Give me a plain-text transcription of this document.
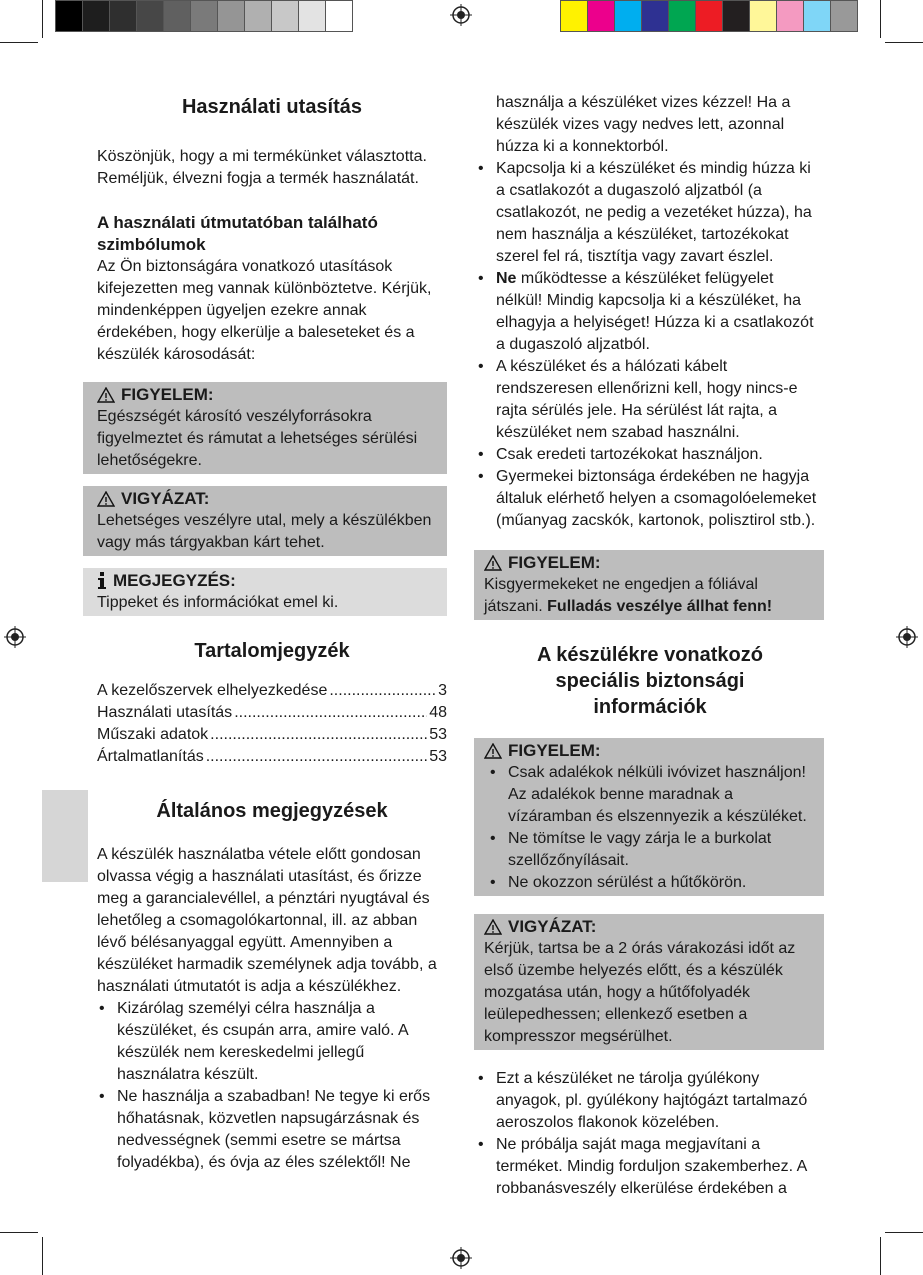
Használati utasítás

Köszönjük, hogy a mi termékünket választotta.

Reméljük, élvezni fogja a termék használatát.

A használati útmutatóban található szimbólumok

Az Ön biztonságára vonatkozó utasítások kifejezetten meg vannak különböztetve. Kérjük, mindenképpen ügyeljen ezekre annak érdekében, hogy elkerülje a baleseteket és a készülék károsodását:

FIGYELEM:

Egészségét károsító veszélyforrásokra figyelmeztet és rámutat a lehetséges sérülési lehetőségekre.

VIGYÁZAT:

Lehetséges veszélyre utal, mely a készülékben vagy más tárgyakban kárt tehet.

MEGJEGYZÉS:

Tippeket és információkat emel ki.

Tartalomjegyzék
A kezelőszervek elhelyezkedése .....	3
Használati utasítás .....	48
Műszaki adatok .....	53
Ártalmatlanítás .....	53
Általános megjegyzések

A készülék használatba vétele előtt gondosan olvassa végig a használati utasítást, és őrizze meg a garancialevéllel, a pénztári nyugtával és lehetőleg a csomagolókartonnal, ill. az abban lévő bélésanyaggal együtt. Amennyiben a készüléket harmadik személynek adja tovább, a használati útmutatót is adja a készülékhez.

• Kizárólag személyi célra használja a készüléket, és csupán arra, amire való. A készülék nem kereskedelmi jellegű használatra készült.
• Ne használja a szabadban! Ne tegye ki erős hőhatásnak, közvetlen napsugárzásnak és nedvességnek (semmi esetre se mártsa folyadékba), és óvja az éles szélektől! Ne

használja a készüléket vizes kézzel! Ha a készülék vizes vagy nedves lett, azonnal húzza ki a konnektorból.

• Kapcsolja ki a készüléket és mindig húzza ki a csatlakozót a dugaszoló aljzatból (a csatlakozót, ne pedig a vezetéket húzza), ha nem használja a készüléket, tartozékokat szerel fel rá, tisztítja vagy zavart észlel.
• Ne működtesse a készüléket felügyelet nélkül! Mindig kapcsolja ki a készüléket, ha elhagyja a helyiséget! Húzza ki a csatlakozót a dugaszoló aljzatból.
• A készüléket és a hálózati kábelt rendszeresen ellenőrizni kell, hogy nincs-e rajta sérülés jele. Ha sérülést lát rajta, a készüléket nem szabad használni.
• Csak eredeti tartozékokat használjon.
• Gyermekei biztonsága érdekében ne hagyja általuk elérhető helyen a csomagolóelemeket (műanyag zacskók, kartonok, polisztirol stb.).
FIGYELEM:

Kisgyermekeket ne engedjen a fóliával játszani. Fulladás veszélye állhat fenn!

A készülékre vonatkozó speciális biztonsági információk
FIGYELEM:
• Csak adalékok nélküli ivóvizet használjon! Az adalékok benne maradnak a vízáramban és elszennyezik a készüléket.
• Ne tömítse le vagy zárja le a burkolat szellőzőnyílásait.
• Ne okozzon sérülést a hűtőkörön.
VIGYÁZAT:

Kérjük, tartsa be a 2 órás várakozási időt az első üzembe helyezés előtt, és a készülék mozgatása után, hogy a hűtőfolyadék leülepedhessen; ellenkező esetben a kompresszor megsérülhet.

• Ezt a készüléket ne tárolja gyúlékony anyagok, pl. gyúlékony hajtógázt tartalmazó aeroszolos flakonok közelében.
• Ne próbálja saját maga megjavítani a terméket. Mindig forduljon szakemberhez. A robbanásveszély elkerülése érdekében a
